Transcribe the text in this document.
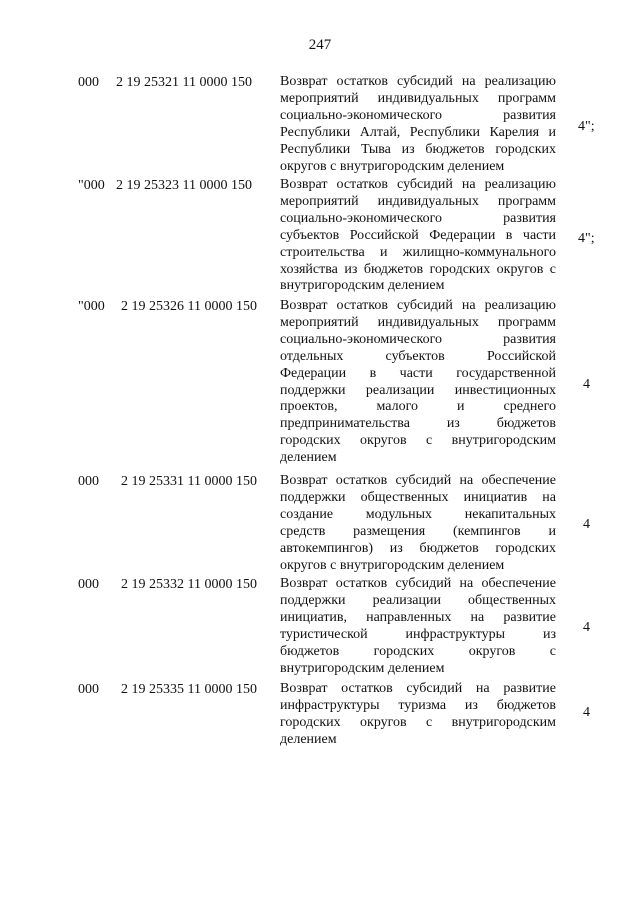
247
000 2 19 25321 11 0000 150 Возврат остатков субсидий на реализацию
мероприятий индивидуальных программ
социально-экономического развития
Республики Алтай, Республики Карелия и
Республики Тыва из бюджетов городских
округов с внутригородским делением
4";
"000 2 19 25323 11 0000 150 Возврат остатков субсидий на реализацию
мероприятий индивидуальных программ
социально-экономического развития
субъектов Российской Федерации в части
строительства и жилищно-коммунального
хозяйства из бюджетов городских округов с
внутригородским делением
4";
"000 2 19 25326 11 0000 150 Возврат остатков субсидий на реализацию
мероприятий индивидуальных программ
социально-экономического развития
отдельных субъектов Российской
Федерации в части государственной
поддержки реализации инвестиционных
проектов, малого и среднего
предпринимательства из бюджетов
городских округов с внутригородским
делением
4
000 2 19 25331 11 0000 150 Возврат остатков субсидий на обеспечение
поддержки общественных инициатив на
создание модульных некапитальных
средств размещения (кемпингов и
автокемпингов) из бюджетов городских
округов с внутригородским делением
4
000 2 19 25332 11 0000 150 Возврат остатков субсидий на обеспечение
поддержки реализации общественных
инициатив, направленных на развитие
туристической инфраструктуры из
бюджетов городских округов с
внутригородским делением
4
000 2 19 25335 11 0000 150 Возврат остатков субсидий на развитие
инфраструктуры туризма из бюджетов
городских округов с внутригородским
делением
4
